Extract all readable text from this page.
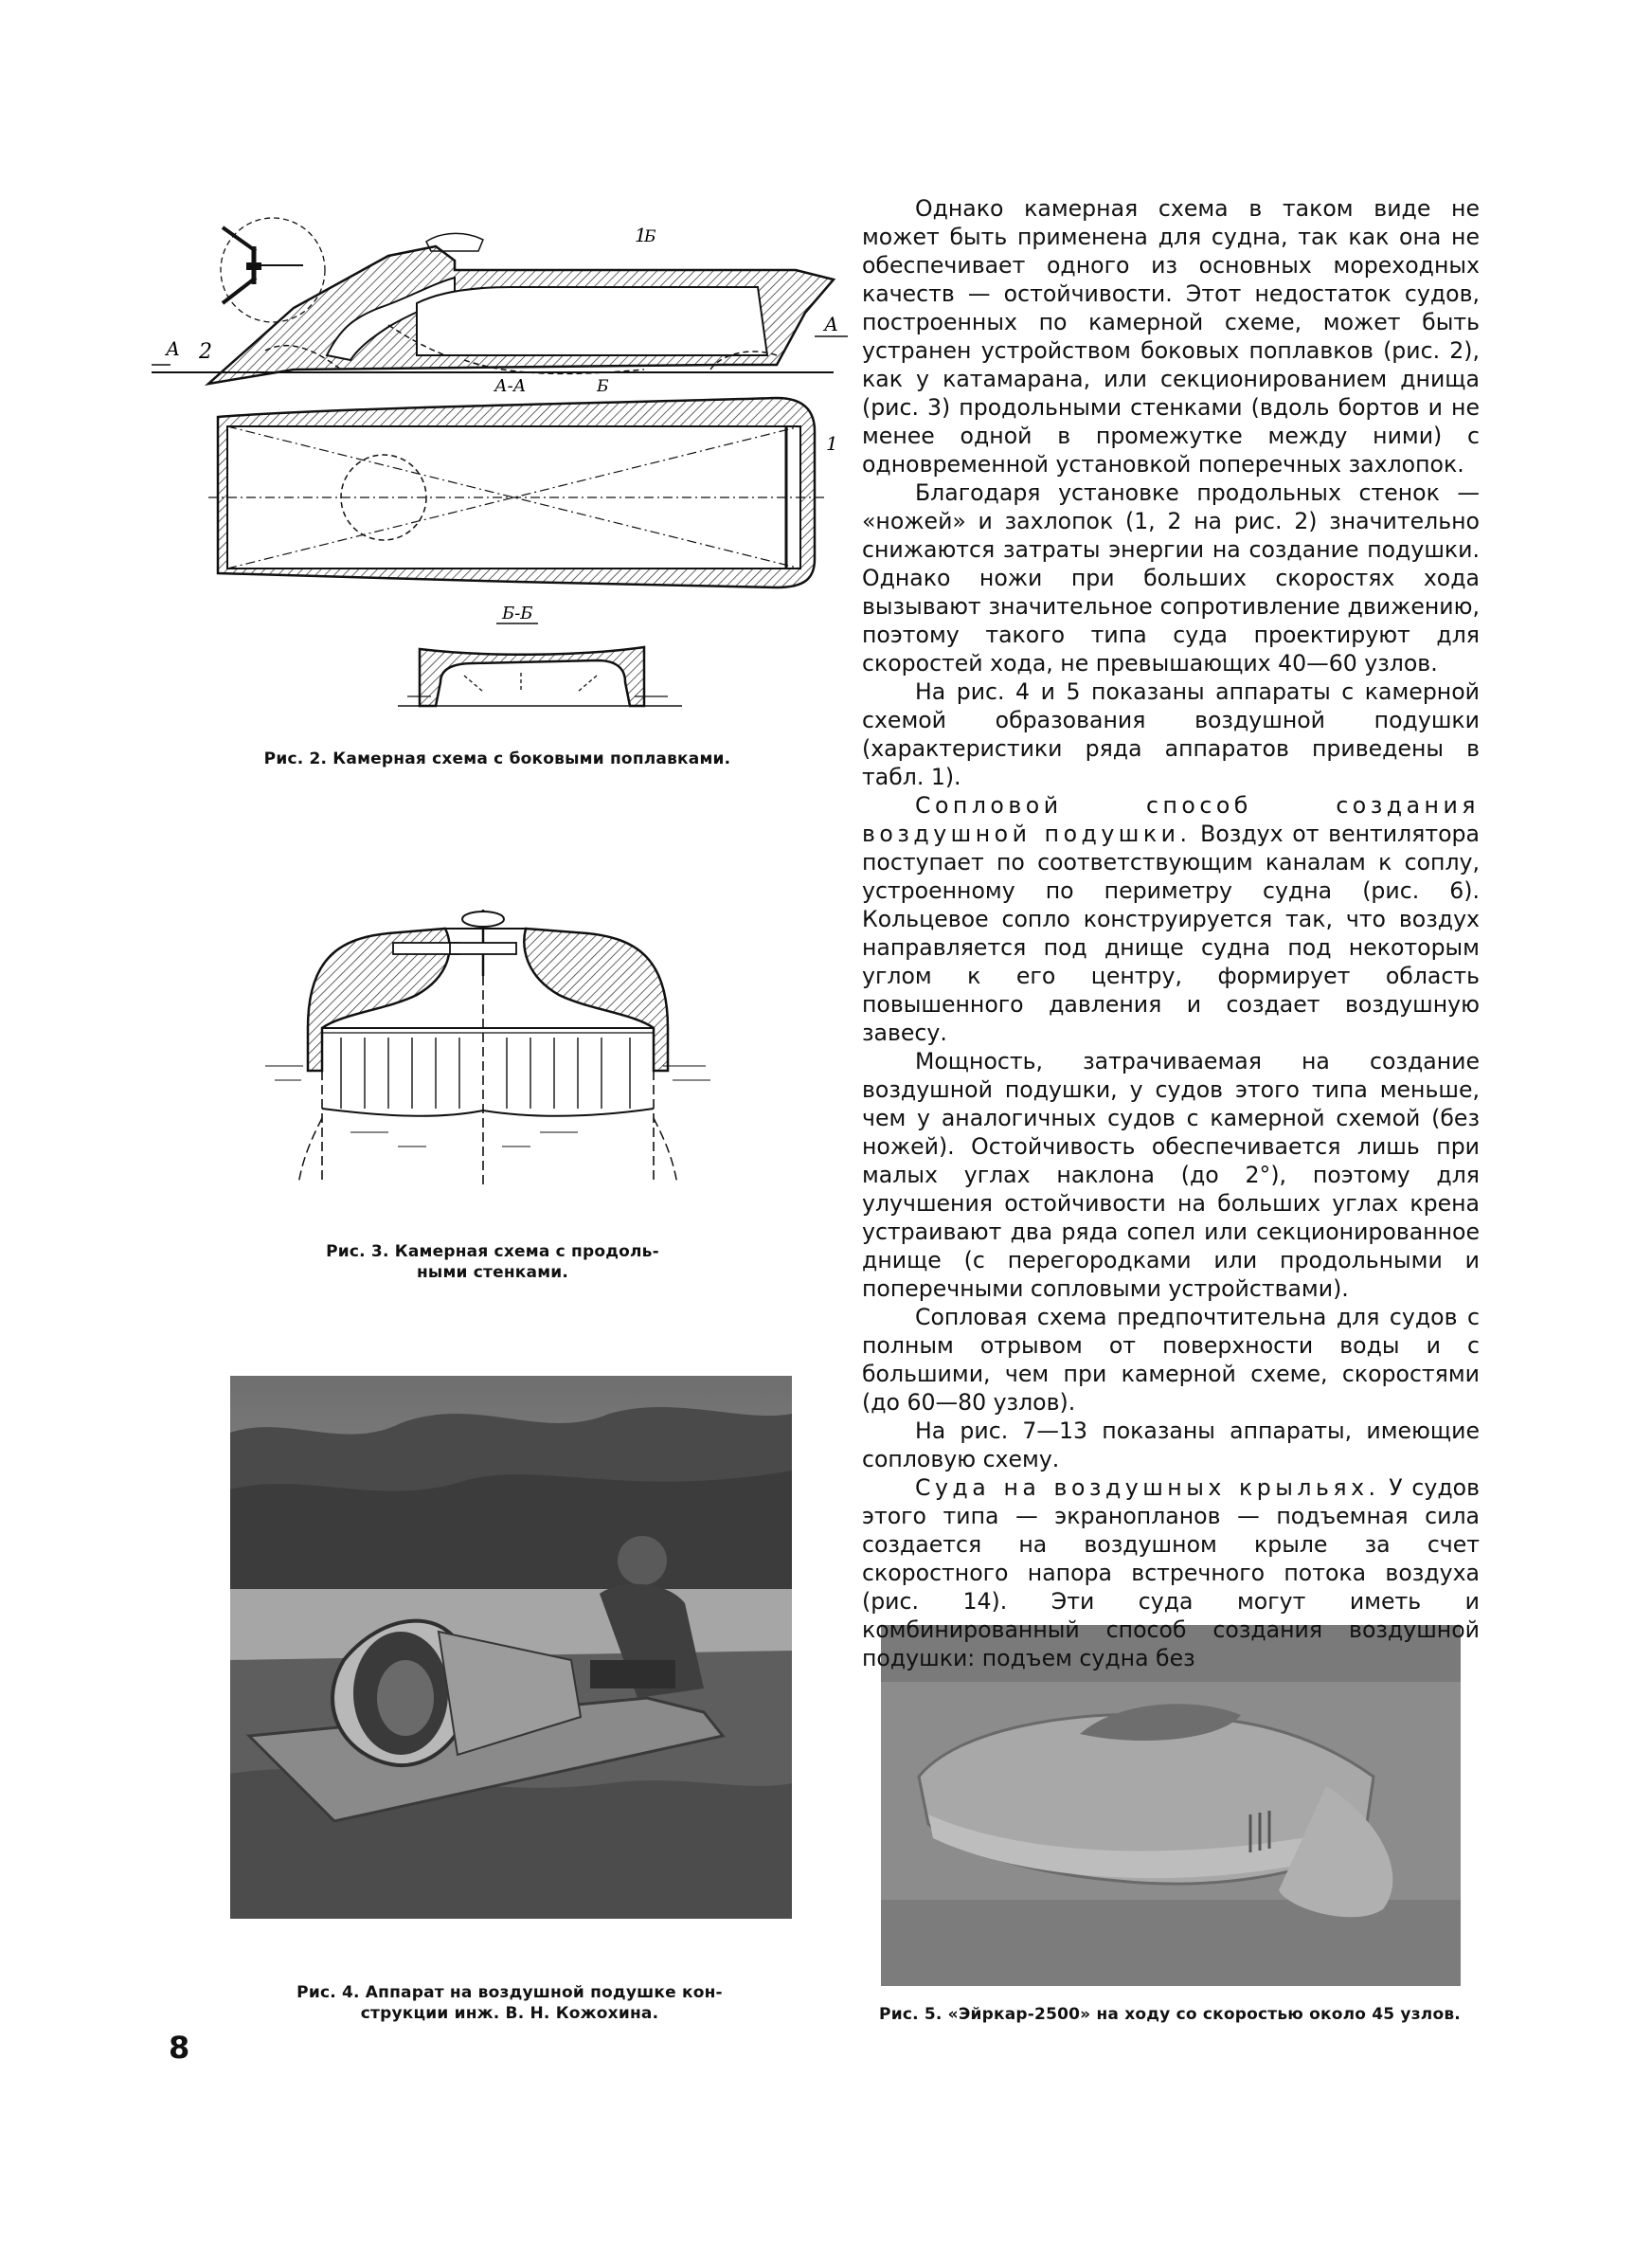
А 2
1
Б
А
А-А	Б
1
Б-Б
Рис. 2. Камерная схема с боковыми поплавками.
Рис. 3. Камерная схема с продоль-
ными стенками.
Рис. 4. Аппарат на воздушной подушке кон-
струкции инж. В. Н. Кожохина.	Рис. 5. «Эйркар-2500» на ходу со скоростью около 45 узлов.

Однако камерная схема в таком виде не может быть применена для судна, так как она не обеспечивает одного из основных мореходных качеств — остойчивости. Этот недостаток судов, построенных по камерной схеме, может быть устранен устройством боковых поплавков (рис. 2), как у катамарана, или секционированием днища (рис. 3) продольными стенками (вдоль бортов и не менее одной в промежутке между ними) с одновременной установкой поперечных захлопок.

Благодаря установке продольных стенок — «ножей» и захлопок (1, 2 на рис. 2) значительно снижаются затраты энергии на создание подушки. Однако ножи при больших скоростях хода вызывают значительное сопротивление движению, поэтому такого типа суда проектируют для скоростей хода, не превышающих 40—60 узлов.

На рис. 4 и 5 показаны аппараты с камерной схемой образования воздушной подушки (характеристики ряда аппаратов приведены в табл. 1).

Сопловой способ создания воздушной подушки. Воздух от вентилятора поступает по соответствующим каналам к соплу, устроенному по периметру судна (рис. 6). Кольцевое сопло конструируется так, что воздух направляется под днище судна под некоторым углом к его центру, формирует область повышенного давления и создает воздушную завесу.

Мощность, затрачиваемая на создание воздушной подушки, у судов этого типа меньше, чем у аналогичных судов с камерной схемой (без ножей). Остойчивость обеспечивается лишь при малых углах наклона (до 2°), поэтому для улучшения остойчивости на больших углах крена устраивают два ряда сопел или секционированное днище (с перегородками или продольными и поперечными сопловыми устройствами).

Сопловая схема предпочтительна для судов с полным отрывом от поверхности воды и с большими, чем при камерной схеме, скоростями (до 60—80 узлов).

На рис. 7—13 показаны аппараты, имеющие сопловую схему.

Суда на воздушных крыльях. У судов этого типа — экранопланов — подъемная сила создается на воздушном крыле за счет скоростного напора встречного потока воздуха (рис. 14). Эти суда могут иметь и комбинированный способ создания воздушной подушки: подъем судна без

8
